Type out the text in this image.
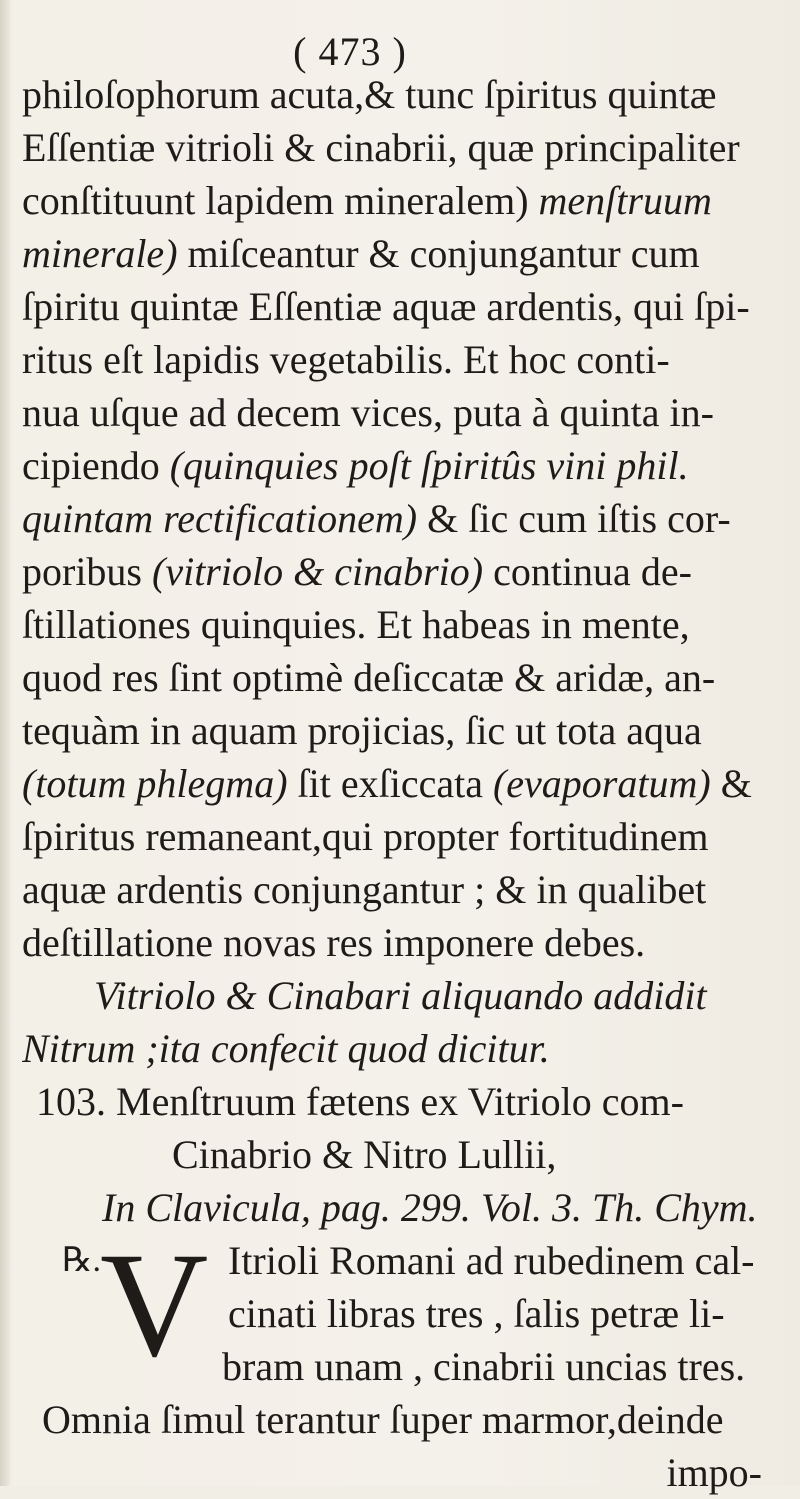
( 473 )
philoſophorum acuta,& tunc ſpiritus quintæ
Eſſentiæ vitrioli & cinabrii, quæ principaliter
conſtituunt lapidem mineralem) menſtruum
minerale) miſceantur & conjungantur cum
ſpiritu quintæ Eſſentiæ aquæ ardentis, qui ſpi-
ritus eſt lapidis vegetabilis. Et hoc conti-
nua uſque ad decem vices, puta à quinta in-
cipiendo (quinquies poſt ſpiritûs vini phil.
quintam rectificationem) & ſic cum iſtis cor-
poribus (vitriolo & cinabrio) continua de-
ſtillationes quinquies. Et habeas in mente,
quod res ſint optimè deſiccatæ & aridæ, an-
tequàm in aquam projicias, ſic ut tota aqua
(totum phlegma) ſit exſiccata (evaporatum) &
ſpiritus remaneant,qui propter fortitudinem
aquæ ardentis conjungantur ; & in qualibet
deſtillatione novas res imponere debes.
Vitriolo & Cinabari aliquando addidit
Nitrum ;ita confecit quod dicitur.
103. Menſtruum fætens ex Vitriolo com-
Cinabrio & Nitro Lullii,
In Clavicula, pag. 299. Vol. 3. Th. Chym.
℞. V Itrioli Romani ad rubedinem cal-
cinati libras tres , ſalis petræ li-
bram unam , cinabrii uncias tres.
Omnia ſimul terantur ſuper marmor,deinde
impo-
